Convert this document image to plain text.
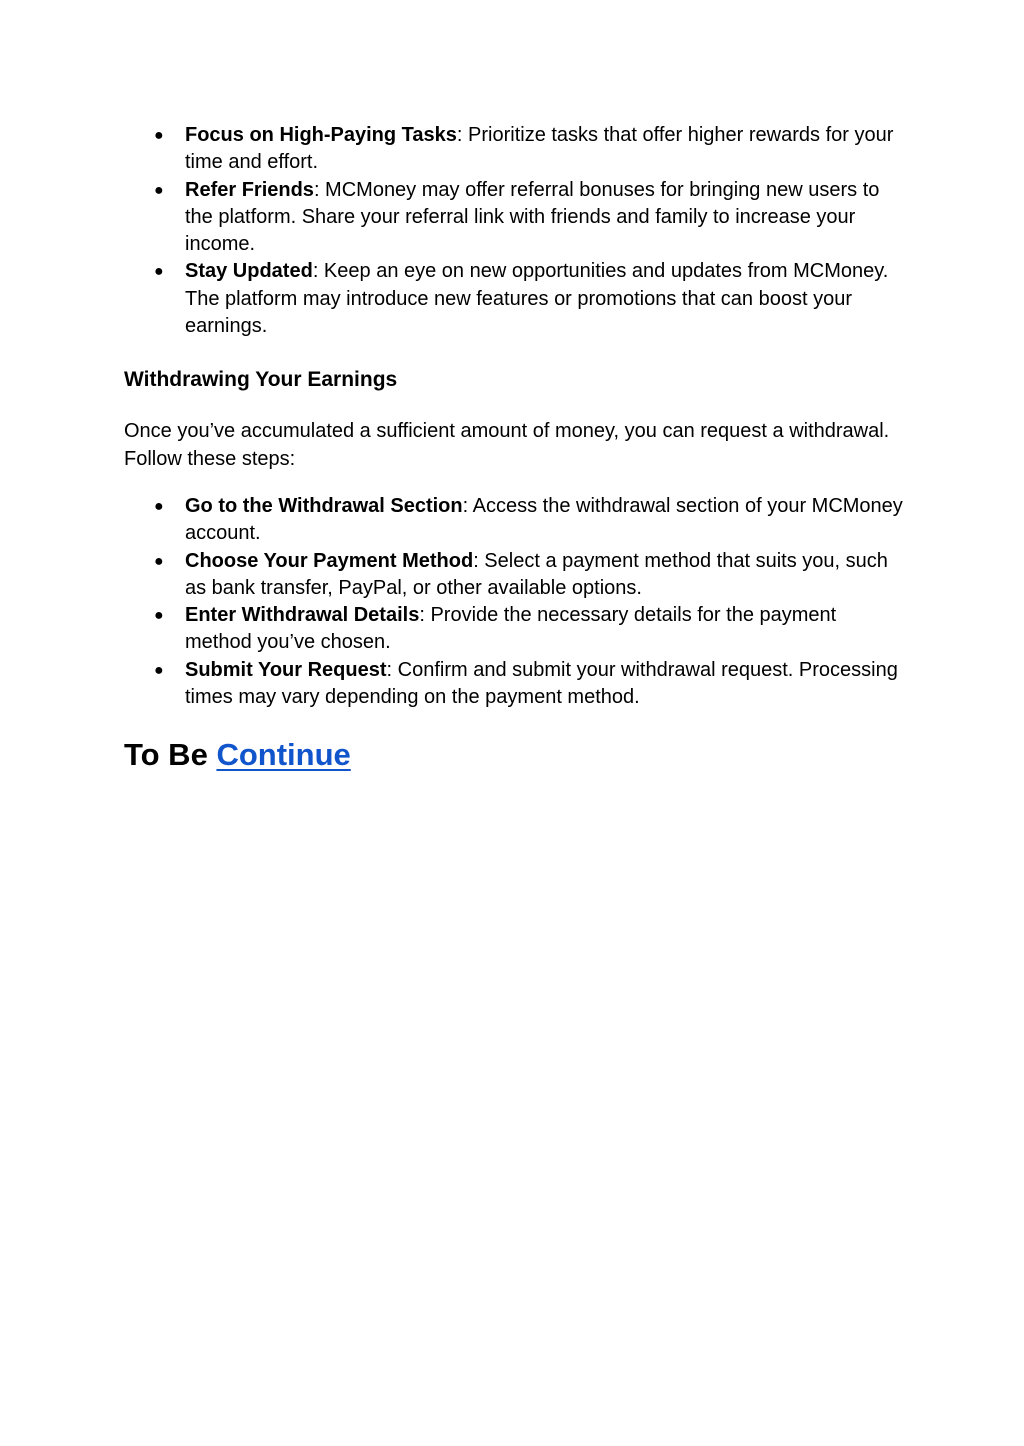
● Focus on High-Paying Tasks: Prioritize tasks that offer higher rewards for your time and effort.
● Refer Friends: MCMoney may offer referral bonuses for bringing new users to the platform. Share your referral link with friends and family to increase your income.
● Stay Updated: Keep an eye on new opportunities and updates from MCMoney. The platform may introduce new features or promotions that can boost your earnings.
Withdrawing Your Earnings

Once you’ve accumulated a sufficient amount of money, you can request a withdrawal. Follow these steps:

● Go to the Withdrawal Section: Access the withdrawal section of your MCMoney account.
● Choose Your Payment Method: Select a payment method that suits you, such as bank transfer, PayPal, or other available options.
● Enter Withdrawal Details: Provide the necessary details for the payment method you’ve chosen.
● Submit Your Request: Confirm and submit your withdrawal request. Processing times may vary depending on the payment method.
To Be Continue
